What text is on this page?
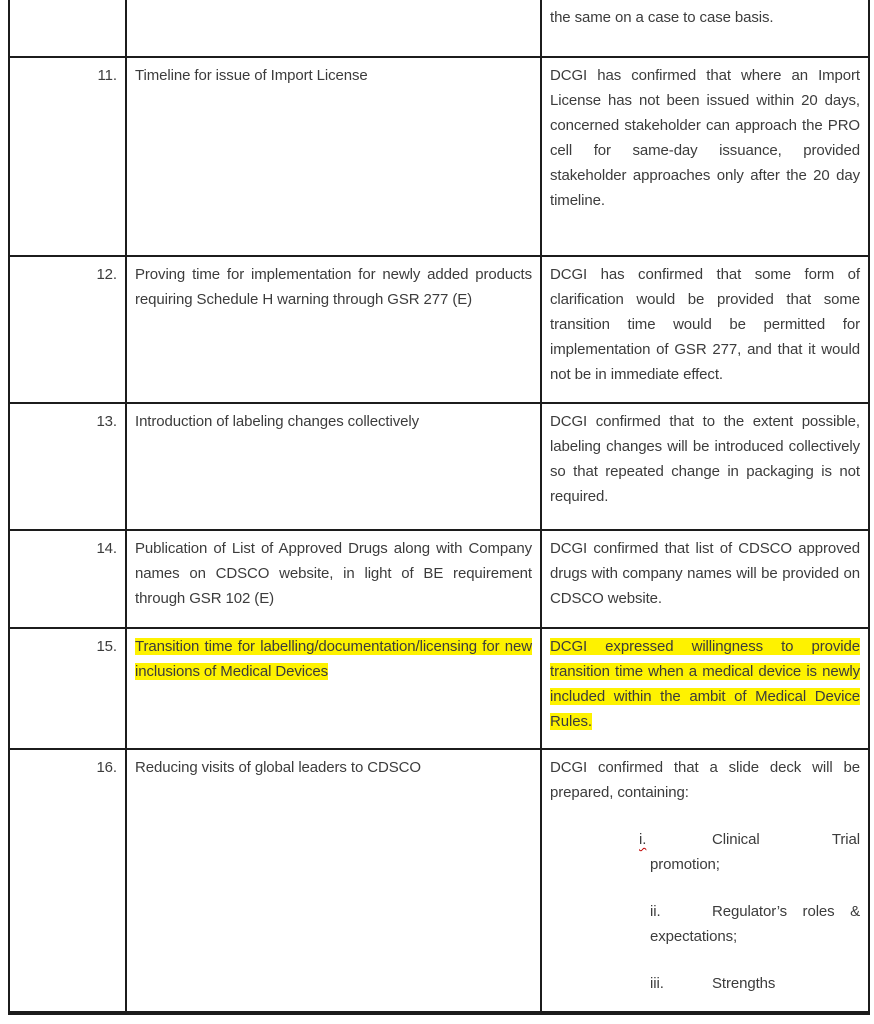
		the same on a case to case basis.
11.	Timeline for issue of Import License	DCGI has confirmed that where an Import License has not been issued within 20 days, concerned stakeholder can approach the PRO cell for same-day issuance, provided stakeholder approaches only after the 20 day timeline.
12.	Proving time for implementation for newly added products requiring Schedule H warning through GSR 277 (E)	DCGI has confirmed that some form of clarification would be provided that some transition time would be permitted for implementation of GSR 277, and that it would not be in immediate effect.
13.	Introduction of labeling changes collectively	DCGI confirmed that to the extent possible, labeling changes will be introduced collectively so that repeated change in packaging is not required.
14.	Publication of List of Approved Drugs along with Company names on CDSCO website, in light of BE requirement through GSR 102 (E)	DCGI confirmed that list of CDSCO approved drugs with company names will be provided on CDSCO website.
15.	Transition time for labelling/documentation/licensing for new inclusions of Medical Devices	DCGI expressed willingness to provide transition time when a medical device is newly included within the ambit of Medical Device Rules.
16.	Reducing visits of global leaders to CDSCO	DCGI confirmed that a slide deck will be prepared, containing:

i. Clinical Trial promotion;
ii. Regulator’s roles & expectations;
iii. Strengths
